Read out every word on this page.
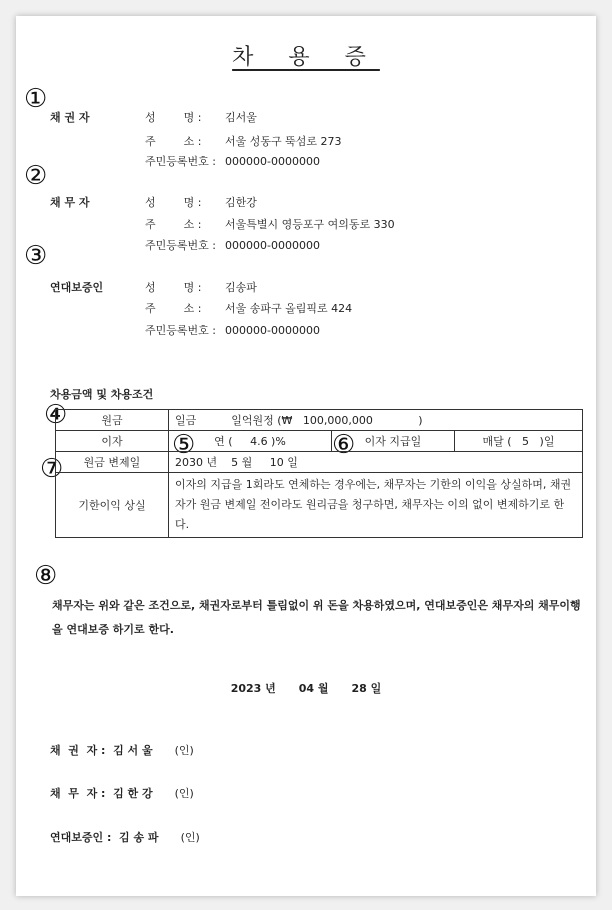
차 용 증
①
②
③
④
⑤	⑥
⑦
⑧
채 권 자	성        명 : 김서울
주        소 : 서울 성동구 뚝섬로 273
주민등록번호 : 000000-0000000
채 무 자	성        명 : 김한강
주        소 : 서울특별시 영등포구 여의동로 330
주민등록번호 : 000000-0000000
연대보증인	성        명 : 김송파
주        소 : 서울 송파구 올림픽로 424
주민등록번호 : 000000-0000000
차용금액 및 차용조건
원금	일금          일억원정 (₩   100,000,000             )		
이자	연 (     4.6 )%	이자 지급일	매달 (   5   )일
원금 변제일	2030 년    5 월     10 일		
기한이익 상실	이자의 지급을 1회라도 연체하는 경우에는, 채무자는 기한의 이익을 상실하며, 채권자가 원금 변제일 전이라도 원리금을 청구하면, 채무자는 이의 없이 변제하기로 한다.		
채무자는 위와 같은 조건으로, 채권자로부터 틀림없이 위 돈을 차용하였으며, 연대보증인은 채무자의 채무이행을 연대보증 하기로 한다.
2023 년      04 월      28 일
채  권  자 :  김 서 울 (인)
채  무  자 :  김 한 강 (인)
연대보증인 :  김 송 파 (인)
